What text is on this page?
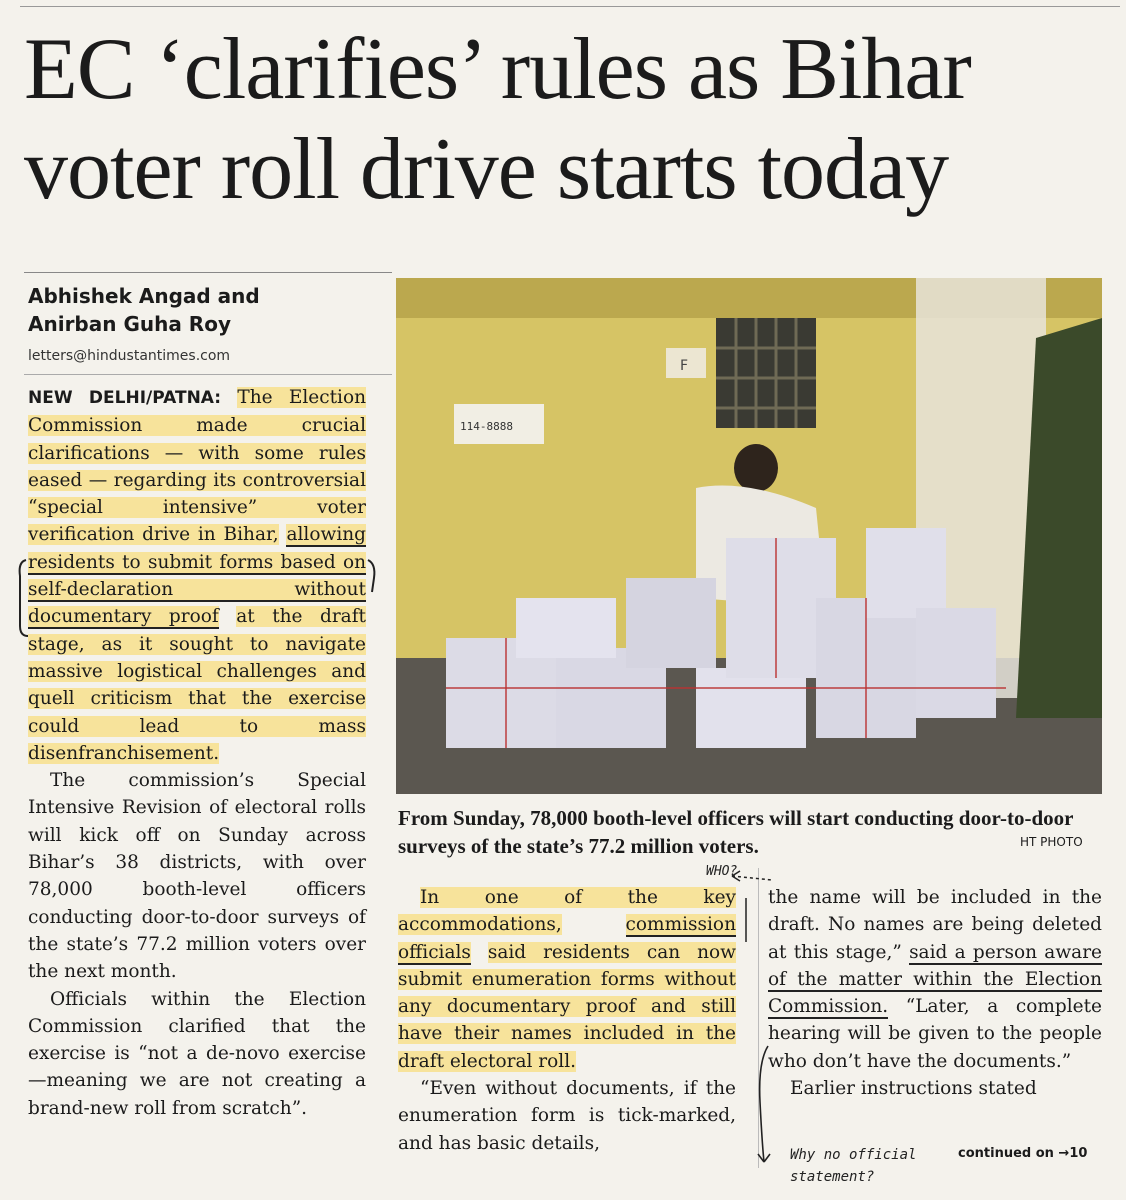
EC ‘clarifies’ rules as Bihar
voter roll drive starts today
Abhishek Angad and
Anirban Guha Roy
letters@hindustantimes.com

NEW DELHI/PATNA: The Election Commission made crucial clarifications — with some rules eased — regarding its controversial “special intensive” voter verification drive in Bihar, allowing residents to submit forms based on self-declaration without documentary proof at the draft stage, as it sought to navigate massive logistical challenges and quell criticism that the exercise could lead to mass disenfranchisement.

The commission’s Special Intensive Revision of electoral rolls will kick off on Sunday across Bihar’s 38 districts, with over 78,000 booth-level officers conducting door-to-door surveys of the state’s 77.2 million voters over the next month.

Officials within the Election Commission clarified that the exercise is “not a de-novo exercise—meaning we are not creating a brand-new roll from scratch”.

F
114-8888
From Sunday, 78,000 booth-level officers will start conducting door-to-door surveys of the state’s 77.2 million voters.	HT PHOTO

In one of the key accommodations,	commission officials said residents can now submit enumeration forms without any documentary proof and still have their names included in the draft electoral roll.

“Even without documents, if the enumeration form is tick-marked, and has basic details,

the name will be included in the draft. No names are being deleted at this stage,” said a person aware of the matter within the Election Commission. “Later, a complete hearing will be given to the people who don’t have the documents.”

Earlier instructions stated

WHO?
Why no official statement?
continued on →10
